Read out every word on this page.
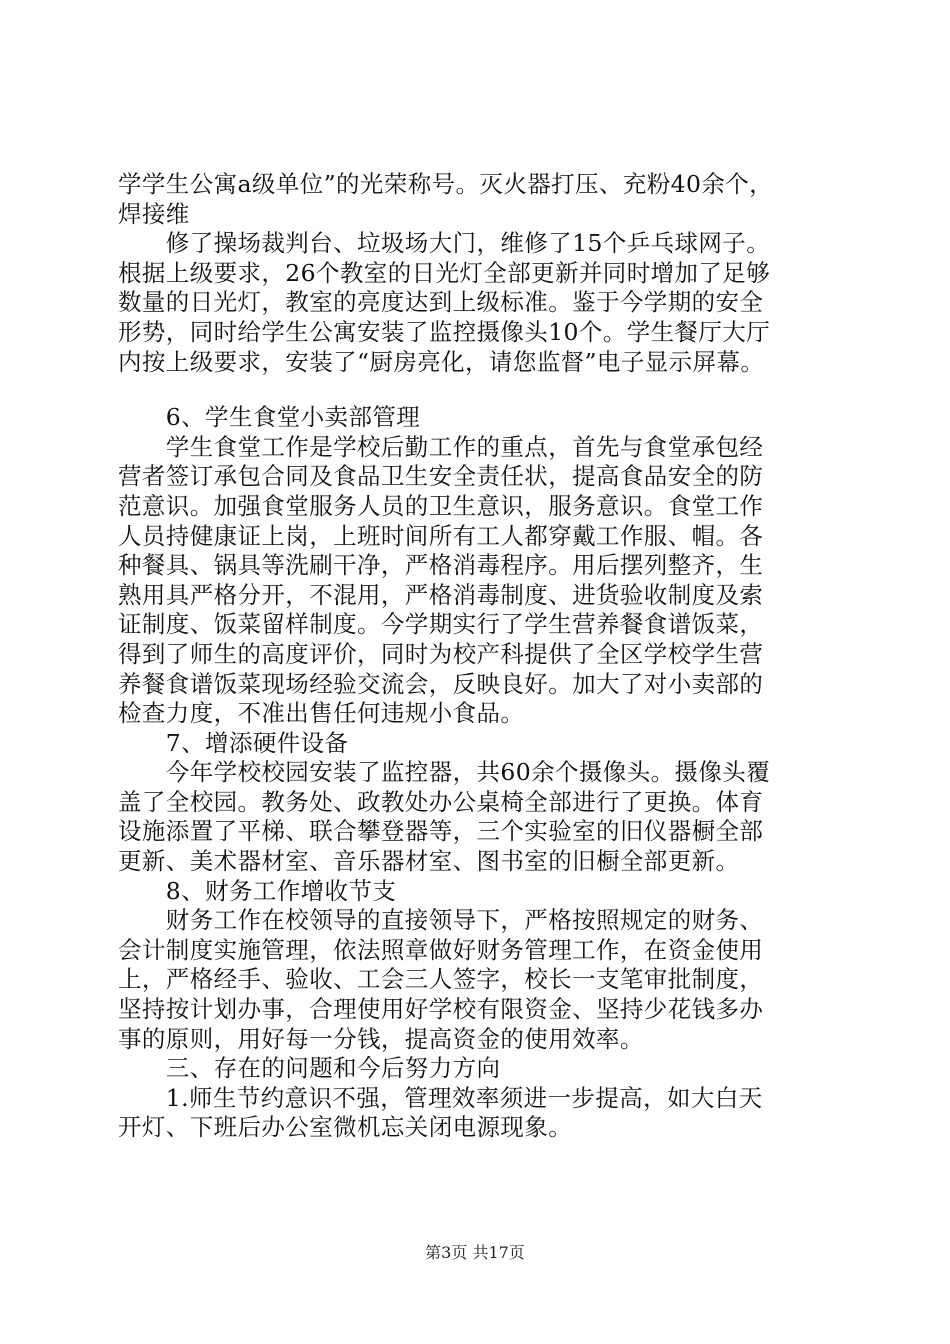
学学生公寓a级单位”的光荣称号。灭火器打压、充粉40余个，
焊接维
　　修了操场裁判台、垃圾场大门，维修了15个乒乓球网子。
根据上级要求，26个教室的日光灯全部更新并同时增加了足够
数量的日光灯，教室的亮度达到上级标准。鉴于今学期的安全
形势，同时给学生公寓安装了监控摄像头10个。学生餐厅大厅
内按上级要求，安装了“厨房亮化，请您监督”电子显示屏幕。
　　6、学生食堂小卖部管理
　　学生食堂工作是学校后勤工作的重点，首先与食堂承包经
营者签订承包合同及食品卫生安全责任状，提高食品安全的防
范意识。加强食堂服务人员的卫生意识，服务意识。食堂工作
人员持健康证上岗，上班时间所有工人都穿戴工作服、帽。各
种餐具、锅具等洗刷干净，严格消毒程序。用后摆列整齐，生
熟用具严格分开，不混用，严格消毒制度、进货验收制度及索
证制度、饭菜留样制度。今学期实行了学生营养餐食谱饭菜，
得到了师生的高度评价，同时为校产科提供了全区学校学生营
养餐食谱饭菜现场经验交流会，反映良好。加大了对小卖部的
检查力度，不准出售任何违规小食品。
　　7、增添硬件设备
　　今年学校校园安装了监控器，共60余个摄像头。摄像头覆
盖了全校园。教务处、政教处办公桌椅全部进行了更换。体育
设施添置了平梯、联合攀登器等，三个实验室的旧仪器橱全部
更新、美术器材室、音乐器材室、图书室的旧橱全部更新。
　　8、财务工作增收节支
　　财务工作在校领导的直接领导下，严格按照规定的财务、
会计制度实施管理，依法照章做好财务管理工作，在资金使用
上，严格经手、验收、工会三人签字，校长一支笔审批制度，
坚持按计划办事，合理使用好学校有限资金、坚持少花钱多办
事的原则，用好每一分钱，提高资金的使用效率。
　　三、存在的问题和今后努力方向
　　1.师生节约意识不强，管理效率须进一步提高，如大白天
开灯、下班后办公室微机忘关闭电源现象。
第3页 共17页
